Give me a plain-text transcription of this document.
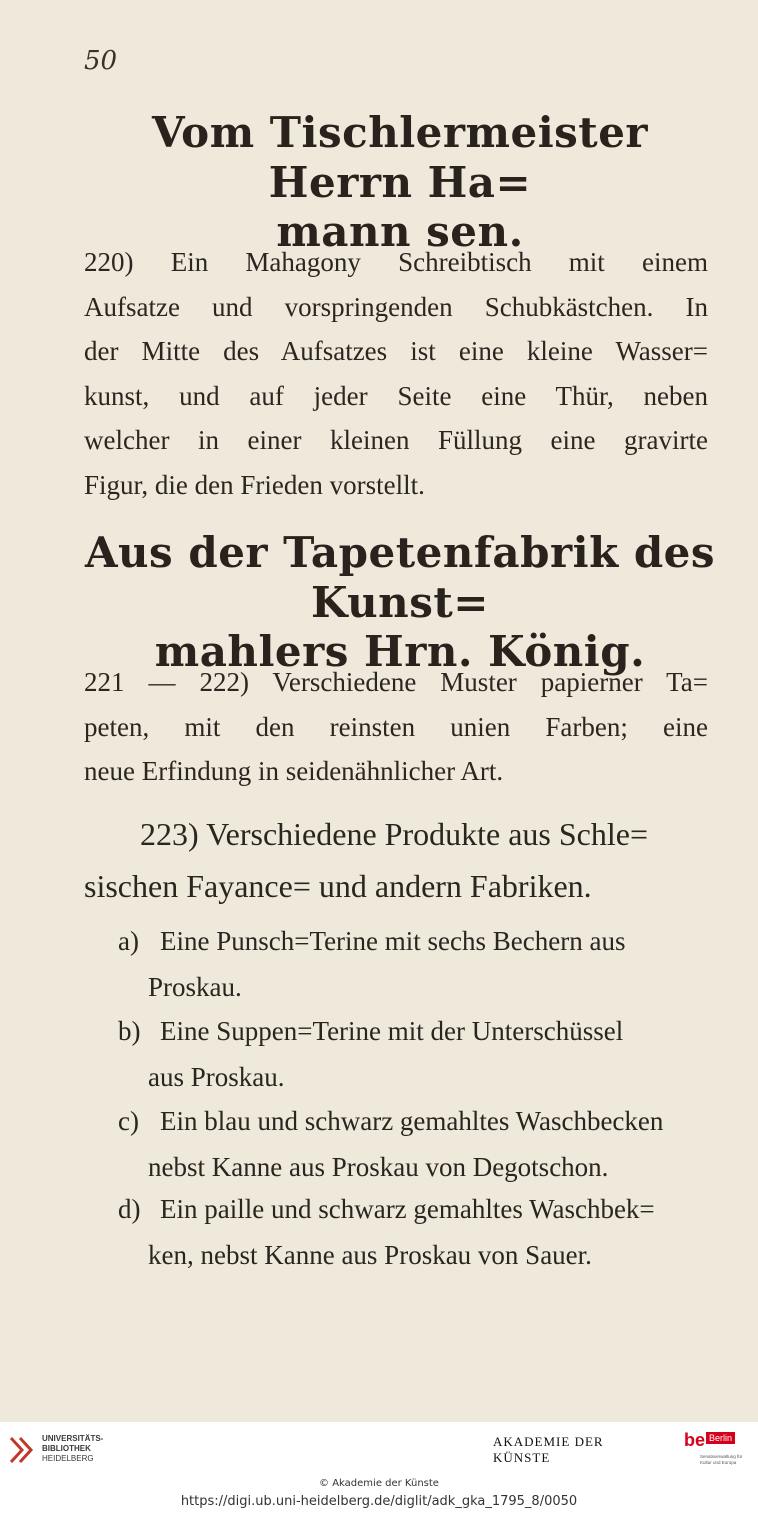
50
Vom Tischlermeister Herrn Ha=
mann sen.
220) Ein Mahagony Schreibtisch mit einem
Aufsatze und vorspringenden Schubkästchen. In
der Mitte des Aufsatzes ist eine kleine Wasser=
kunst, und auf jeder Seite eine Thür, neben
welcher in einer kleinen Füllung eine gravirte
Figur, die den Frieden vorstellt.
Aus der Tapetenfabrik des Kunst=
mahlers Hrn. König.
221 — 222) Verschiedene Muster papierner Ta=
peten, mit den reinsten unien Farben; eine
neue Erfindung in seidenähnlicher Art.
223) Verschiedene Produkte aus Schle=
sischen Fayance= und andern Fabriken.
a) Eine Punsch=Terine mit sechs Bechern aus
Proskau.
b) Eine Suppen=Terine mit der Unterschüssel
aus Proskau.
c) Ein blau und schwarz gemahltes Waschbecken
nebst Kanne aus Proskau von Degotschon.
d) Ein paille und schwarz gemahltes Waschbek=
ken, nebst Kanne aus Proskau von Sauer.
UNIVERSITÄTS-
BIBLIOTHEK
HEIDELBERG
AKADEMIE DER KÜNSTE
be Berlin
Senatsverwaltung für Kultur und Europa
© Akademie der Künste
https://digi.ub.uni-heidelberg.de/diglit/adk_gka_1795_8/0050
